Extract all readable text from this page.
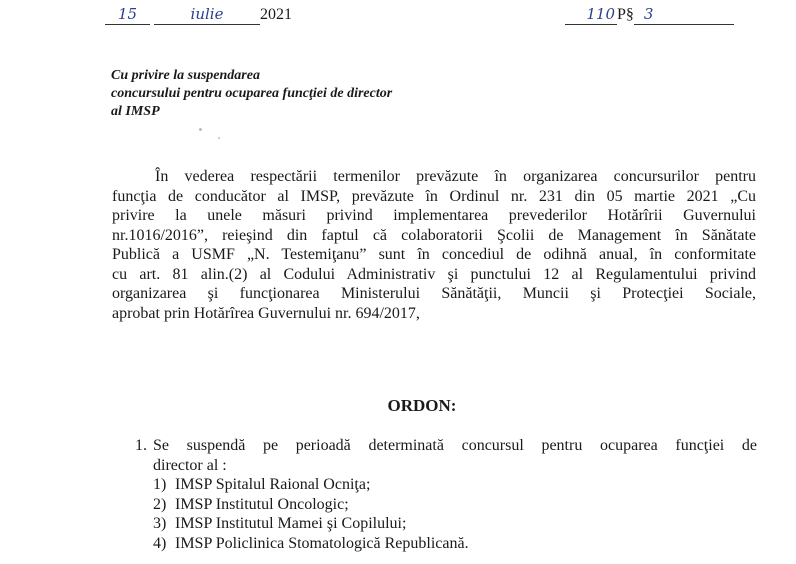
15	iulie 2021	110 P§ 3
Cu privire la suspendarea
concursului pentru ocuparea funcţiei de director
al IMSP
În vederea respectării termenilor prevăzute în organizarea concursurilor pentru
funcţia de conducător al IMSP, prevăzute în Ordinul nr. 231 din 05 martie 2021 „Cu
privire la unele măsuri privind implementarea prevederilor Hotărîrii Guvernului
nr.1016/2016”, reieşind din faptul că colaboratorii Şcolii de Management în Sănătate
Publică a USMF „N. Testemiţanu” sunt în concediul de odihnă anual, în conformitate
cu art. 81 alin.(2) al Codului Administrativ şi punctului 12 al Regulamentului privind
organizarea şi funcţionarea Ministerului Sănătăţii, Muncii şi Protecţiei Sociale,
aprobat prin Hotărîrea Guvernului nr. 694/2017,
ORDON:
1. Se suspendă pe perioadă determinată concursul pentru ocuparea funcţiei de
director al :
1) IMSP Spitalul Raional Ocniţa;
2) IMSP Institutul Oncologic;
3) IMSP Institutul Mamei şi Copilului;
4) IMSP Policlinica Stomatologică Republicană.
